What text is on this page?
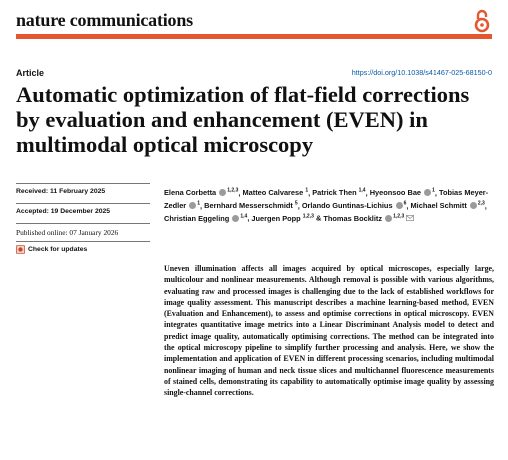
nature communications
Article	https://doi.org/10.1038/s41467-025-68150-0
Automatic optimization of flat-field corrections by evaluation and enhancement (EVEN) in multimodal optical microscopy
Received: 11 February 2025
Accepted: 19 December 2025
Published online: 07 January 2026
Check for updates

Elena Corbetta $^{1,2,3}$, Matteo Calvarese $^1$, Patrick Then $^{1,4}$, Hyeonsoo Bae $^1$, Tobias Meyer-Zedler $^1$, Bernhard Messerschmidt $^5$, Orlando Guntinas-Lichius $^6$, Michael Schmitt $^{2,3}$, Christian Eggeling $^{1,4}$, Juergen Popp $^{1,2,3}$ & Thomas Bocklitz $^{1,2,3}$

Uneven illumination affects all images acquired by optical microscopes, especially large, multicolour and nonlinear measurements. Although removal is possible with various algorithms, evaluating raw and processed images is challenging due to the lack of established workflows for image quality assessment. This manuscript describes a machine learning-based method, EVEN (Evaluation and Enhancement), to assess and optimise corrections in optical microscopy. EVEN integrates quantitative image metrics into a Linear Discriminant Analysis model to detect and predict image quality, automatically optimising corrections. The method can be integrated into the optical microscopy pipeline to simplify further processing and analysis. Here, we show the implementation and application of EVEN in different processing scenarios, including multimodal nonlinear imaging of human and neck tissue slices and multichannel fluorescence measurements of stained cells, demonstrating its capability to automatically optimise image quality by assessing single-channel corrections.
